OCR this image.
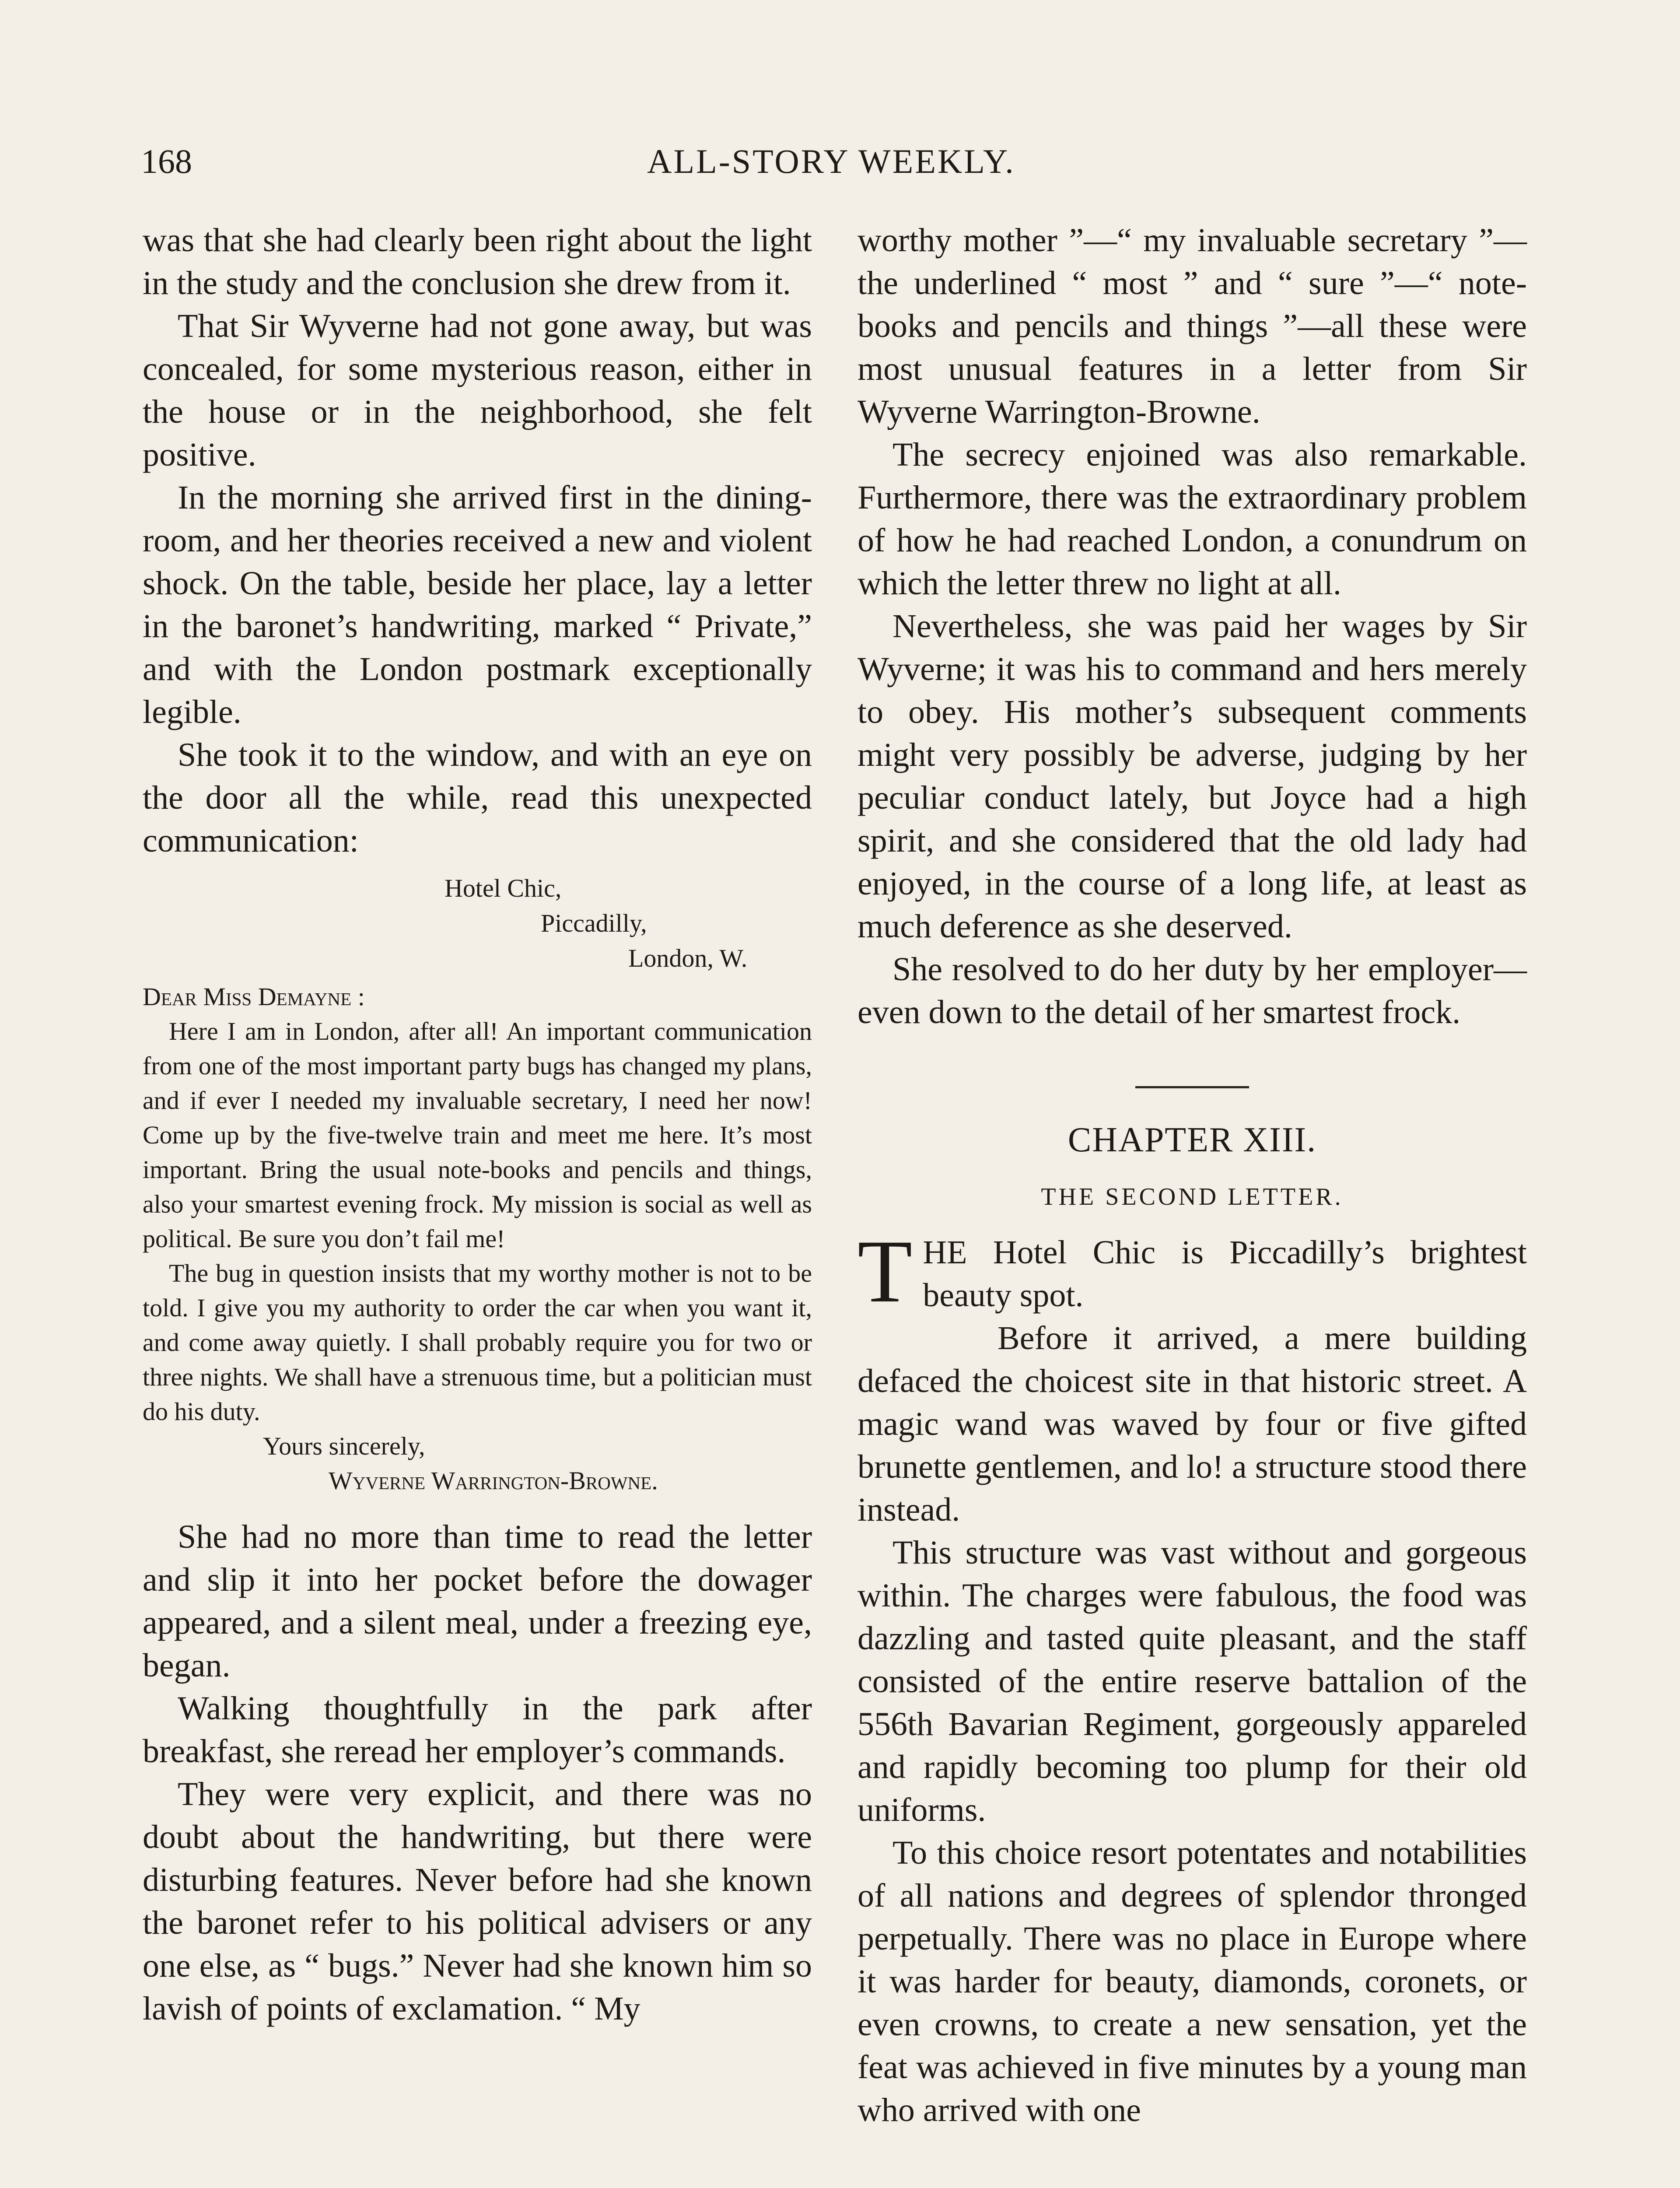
168	ALL-STORY WEEKLY.

was that she had clearly been right about the light in the study and the conclusion she drew from it.

That Sir Wyverne had not gone away, but was concealed, for some mysterious reason, either in the house or in the neighborhood, she felt positive.

In the morning she arrived first in the dining-room, and her theories received a new and violent shock. On the table, beside her place, lay a letter in the baronet’s handwriting, marked “ Private,” and with the London postmark exceptionally legible.

She took it to the window, and with an eye on the door all the while, read this unexpected communication:

Hotel Chic,

Piccadilly,

London, W.

Dear Miss Demayne :

Here I am in London, after all! An important communication from one of the most important party bugs has changed my plans, and if ever I needed my invaluable secretary, I need her now! Come up by the five-twelve train and meet me here. It’s most important. Bring the usual note-books and pencils and things, also your smartest evening frock. My mission is social as well as political. Be sure you don’t fail me!

The bug in question insists that my worthy mother is not to be told. I give you my authority to order the car when you want it, and come away quietly. I shall probably require you for two or three nights. We shall have a strenuous time, but a politician must do his duty.

Yours sincerely,

Wyverne Warrington-Browne.

She had no more than time to read the letter and slip it into her pocket before the dowager appeared, and a silent meal, under a freezing eye, began.

Walking thoughtfully in the park after breakfast, she reread her employer’s commands.

They were very explicit, and there was no doubt about the handwriting, but there were disturbing features. Never before had she known the baronet refer to his political advisers or any one else, as “ bugs.” Never had she known him so lavish of points of exclamation. “ My

worthy mother ”—“ my invaluable secretary ”—the underlined “ most ” and “ sure ”—“ note-books and pencils and things ”—all these were most unusual features in a letter from Sir Wyverne Warrington-Browne.

The secrecy enjoined was also remarkable. Furthermore, there was the extraordinary problem of how he had reached London, a conundrum on which the letter threw no light at all.

Nevertheless, she was paid her wages by Sir Wyverne; it was his to command and hers merely to obey. His mother’s subsequent comments might very possibly be adverse, judging by her peculiar conduct lately, but Joyce had a high spirit, and she considered that the old lady had enjoyed, in the course of a long life, at least as much deference as she deserved.

She resolved to do her duty by her employer—even down to the detail of her smartest frock.

CHAPTER XIII.

THE SECOND LETTER.

THE Hotel Chic is Piccadilly’s brightest beauty spot.

Before it arrived, a mere building defaced the choicest site in that historic street. A magic wand was waved by four or five gifted brunette gentlemen, and lo! a structure stood there instead.

This structure was vast without and gorgeous within. The charges were fabulous, the food was dazzling and tasted quite pleasant, and the staff consisted of the entire reserve battalion of the 556th Bavarian Regiment, gorgeously appareled and rapidly becoming too plump for their old uniforms.

To this choice resort potentates and notabilities of all nations and degrees of splendor thronged perpetually. There was no place in Europe where it was harder for beauty, diamonds, coronets, or even crowns, to create a new sensation, yet the feat was achieved in five minutes by a young man who arrived with one
